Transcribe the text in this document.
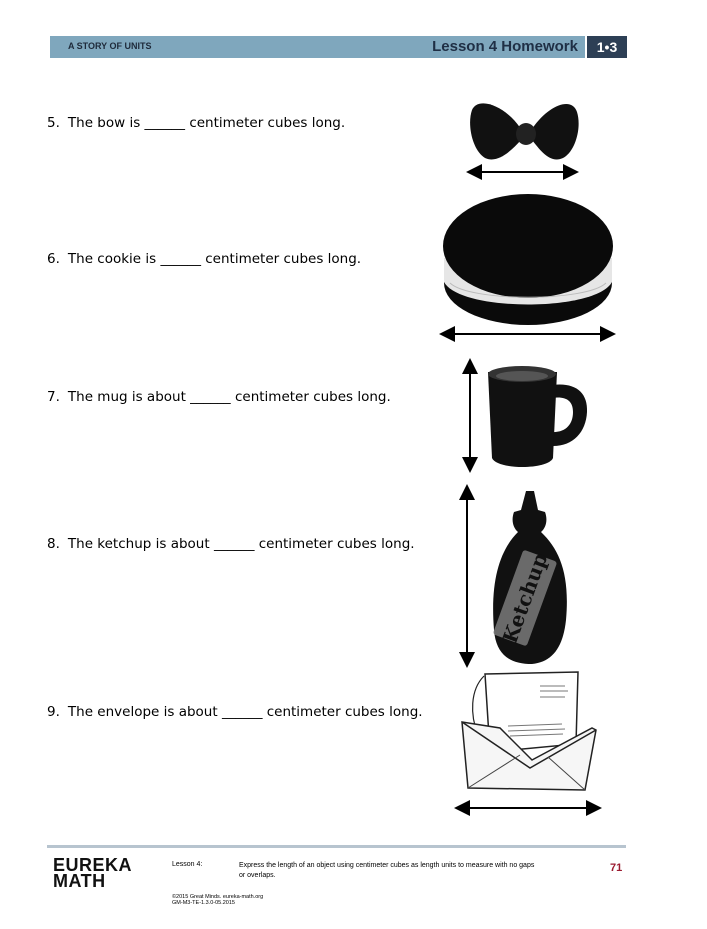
A STORY OF UNITS	Lesson 4 Homework	1•3
5. The bow is ______ centimeter cubes long.
6. The cookie is ______ centimeter cubes long.
7. The mug is about ______ centimeter cubes long.
8. The ketchup is about ______ centimeter cubes long.
9. The envelope is about ______ centimeter cubes long.
Ketchup
EUREKA
MATH
Lesson 4:	Express the length of an object using centimeter cubes as length units to measure with no gaps or overlaps.
71
©2015 Great Minds. eureka-math.org
GM-M3-TE-1.3.0-05.2015
